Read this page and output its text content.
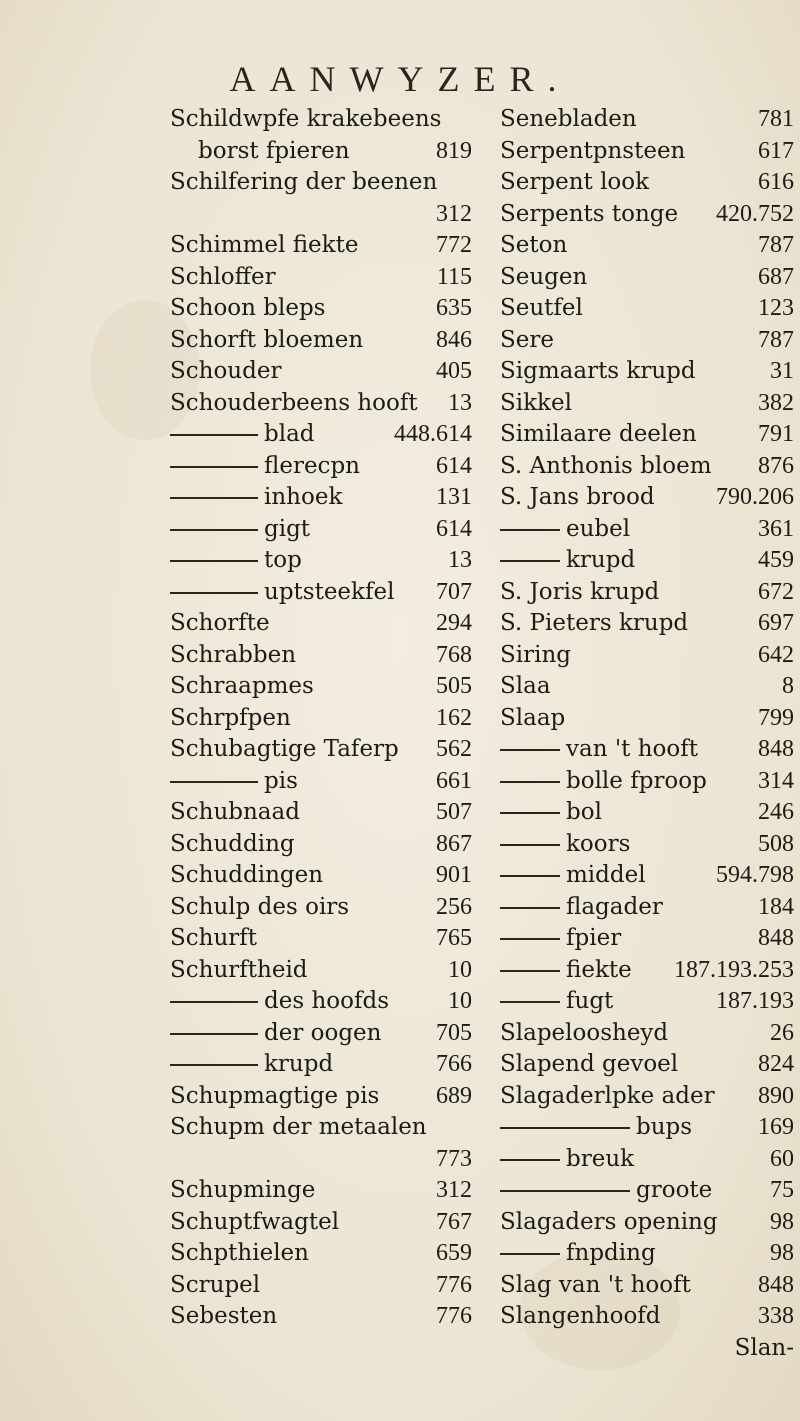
AANWYZER.
Schildwpfe krakebeens
borst fpieren	819
Schilfering der beenen
312
Schimmel fiekte	772
Schloffer	115
Schoon bleps	635
Schorft bloemen	846
Schouder	405
Schouderbeens hooft 13
blad	448.614
flerecpn	614
inhoek	131
gigt	614
top	13
uptsteekfel 707
Schorfte	294
Schrabben	768
Schraapmes	505
Schrpfpen	162
Schubagtige Taferp 562
pis	661
Schubnaad	507
Schudding	867
Schuddingen	901
Schulp des oirs	256
Schurft	765
Schurftheid	10
des hoofds 10
der oogen 705
krupd	766
Schupmagtige pis 689
Schupm der metaalen
773
Schupminge	312
Schuptfwagtel	767
Schpthielen	659
Scrupel	776
Sebesten	776
Senebladen	781
Serpentpnsteen	617
Serpent look	616
Serpents tonge 420.752
Seton	787
Seugen	687
Seutfel	123
Sere	787
Sigmaarts krupd	31
Sikkel	382
Similaare deelen	791
S. Anthonis bloem 876
S. Jans brood	790.206
eubel	361
krupd	459
S. Joris krupd	672
S. Pieters krupd	697
Siring	642
Slaa	8
Slaap	799
van 't hooft	848
bolle fproop 314
bol	246
koors	508
middel	594.798
flagader	184
fpier	848
fiekte 187.193.253
fugt	187.193
Slapeloosheyd	26
Slapend gevoel	824
Slagaderlpke ader 890
bups	169
breuk	60
groote 75
Slagaders opening 98
fnpding	98
Slag van 't hooft	848
Slangenhoofd	338
Slan-
